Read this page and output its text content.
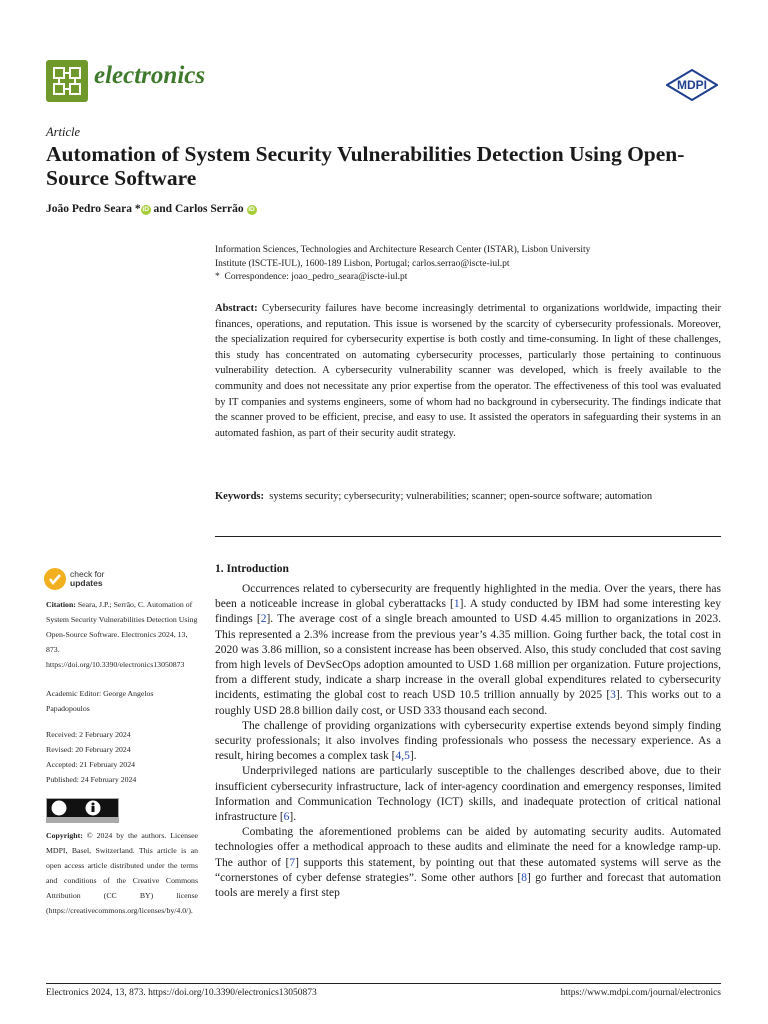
electronics	MDPI
Article
Automation of System Security Vulnerabilities Detection Using Open-Source Software
João Pedro Seara * iD and Carlos Serrão iD
Information Sciences, Technologies and Architecture Research Center (ISTAR), Lisbon University
Institute (ISCTE-IUL), 1600-189 Lisbon, Portugal; carlos.serrao@iscte-iul.pt
* Correspondence: joao_pedro_seara@iscte-iul.pt
Abstract: Cybersecurity failures have become increasingly detrimental to organizations worldwide, impacting their finances, operations, and reputation. This issue is worsened by the scarcity of cybersecurity professionals. Moreover, the specialization required for cybersecurity expertise is both costly and time-consuming. In light of these challenges, this study has concentrated on automating cybersecurity processes, particularly those pertaining to continuous vulnerability detection. A cybersecurity vulnerability scanner was developed, which is freely available to the community and does not necessitate any prior expertise from the operator. The effectiveness of this tool was evaluated by IT companies and systems engineers, some of whom had no background in cybersecurity. The findings indicate that the scanner proved to be efficient, precise, and easy to use. It assisted the operators in safeguarding their systems in an automated fashion, as part of their security audit strategy.
Keywords: systems security; cybersecurity; vulnerabilities; scanner; open-source software; automation
check for
updates
Citation: Seara, J.P.; Serrão, C. Automation of System Security Vulnerabilities Detection Using Open-Source Software. Electronics 2024, 13, 873. https://doi.org/10.3390/electronics13050873
Academic Editor: George Angelos Papadopoulos
Received: 2 February 2024
Revised: 20 February 2024
Accepted: 21 February 2024
Published: 24 February 2024
Copyright: © 2024 by the authors. Licensee MDPI, Basel, Switzerland. This article is an open access article distributed under the terms and conditions of the Creative Commons Attribution (CC BY) license (https://creativecommons.org/licenses/by/4.0/).
1. Introduction

Occurrences related to cybersecurity are frequently highlighted in the media. Over the years, there has been a noticeable increase in global cyberattacks [1]. A study conducted by IBM had some interesting key findings [2]. The average cost of a single breach amounted to USD 4.45 million to organizations in 2023. This represented a 2.3% increase from the previous year’s 4.35 million. Going further back, the total cost in 2020 was 3.86 million, so a consistent increase has been observed. Also, this study concluded that cost saving from high levels of DevSecOps adoption amounted to USD 1.68 million per organization. Future projections, from a different study, indicate a sharp increase in the overall global expenditures related to cybersecurity incidents, estimating the global cost to reach USD 10.5 trillion annually by 2025 [3]. This works out to a roughly USD 28.8 billion daily cost, or USD 333 thousand each second.

The challenge of providing organizations with cybersecurity expertise extends beyond simply finding security professionals; it also involves finding professionals who possess the necessary experience. As a result, hiring becomes a complex task [4,5].

Underprivileged nations are particularly susceptible to the challenges described above, due to their insufficient cybersecurity infrastructure, lack of inter-agency coordination and emergency responses, limited Information and Communication Technology (ICT) skills, and inadequate protection of critical national infrastructure [6].

Combating the aforementioned problems can be aided by automating security audits. Automated technologies offer a methodical approach to these audits and eliminate the need for a knowledge ramp-up. The author of [7] supports this statement, by pointing out that these automated systems will serve as the “cornerstones of cyber defense strategies”. Some other authors [8] go further and forecast that automation tools are merely a first step

Electronics 2024, 13, 873. https://doi.org/10.3390/electronics13050873	https://www.mdpi.com/journal/electronics
